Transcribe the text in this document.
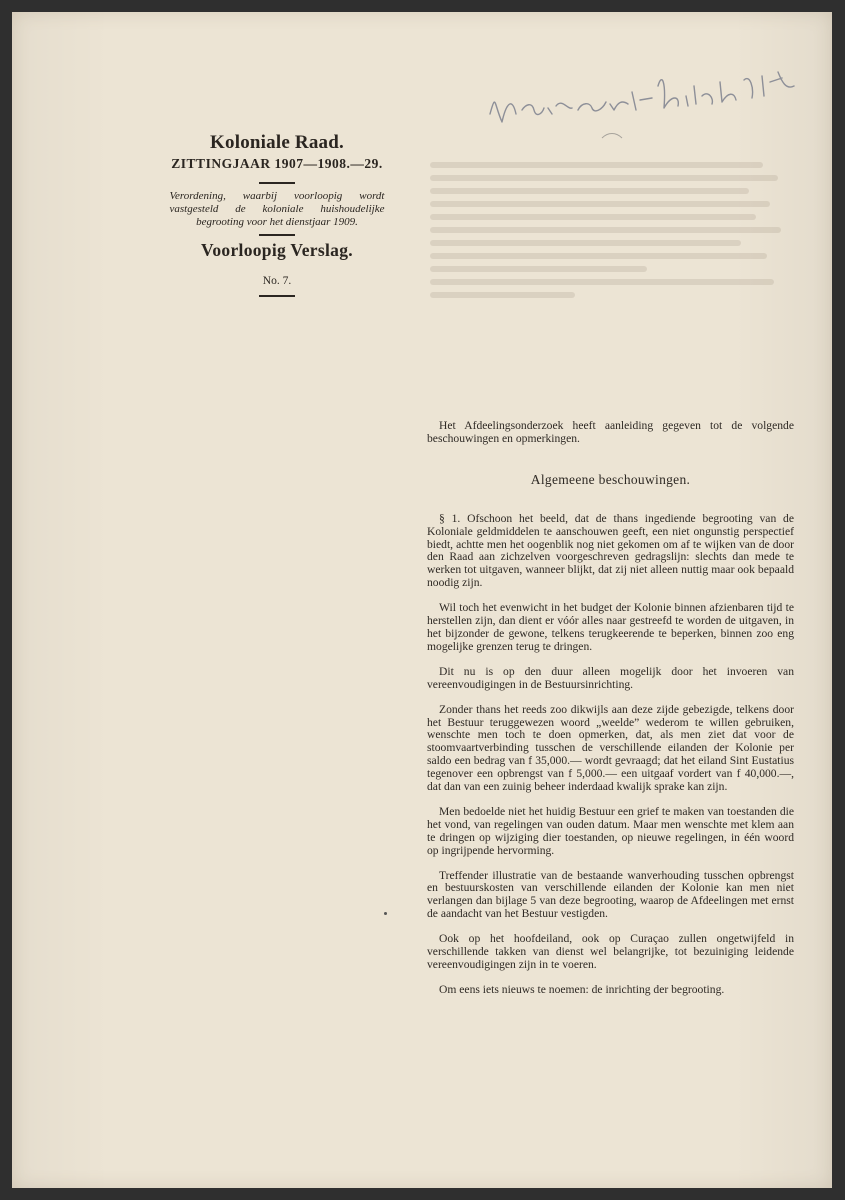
Koloniale Raad.
ZITTINGJAAR 1907—1908.—29.
Verordening, waarbij voorloopig wordt vastgesteld de koloniale huishoudelijke begrooting voor het dienstjaar 1909.
Voorloopig Verslag.
No. 7.

Het Afdeelingsonderzoek heeft aanleiding gegeven tot de volgende beschouwingen en opmerkingen.

Algemeene beschouwingen.

§ 1. Ofschoon het beeld, dat de thans ingediende begrooting van de Koloniale geldmiddelen te aanschouwen geeft, een niet ongunstig perspectief biedt, achtte men het oogenblik nog niet gekomen om af te wijken van de door den Raad aan zichzelven voorgeschreven gedragslijn: slechts dan mede te werken tot uitgaven, wanneer blijkt, dat zij niet alleen nuttig maar ook bepaald noodig zijn.

Wil toch het evenwicht in het budget der Kolonie binnen afzienbaren tijd te herstellen zijn, dan dient er vóór alles naar gestreefd te worden de uitgaven, in het bijzonder de gewone, telkens terugkeerende te beperken, binnen zoo eng mogelijke grenzen terug te dringen.

Dit nu is op den duur alleen mogelijk door het invoeren van vereenvoudigingen in de Bestuursinrichting.

Zonder thans het reeds zoo dikwijls aan deze zijde gebezigde, telkens door het Bestuur teruggewezen woord „weelde” wederom te willen gebruiken, wenschte men toch te doen opmerken, dat, als men ziet dat voor de stoomvaartverbinding tusschen de verschillende eilanden der Kolonie per saldo een bedrag van f 35,000.— wordt gevraagd; dat het eiland Sint Eustatius tegenover een opbrengst van f 5,000.— een uitgaaf vordert van f 40,000.—, dat dan van een zuinig beheer inderdaad kwalijk sprake kan zijn.

Men bedoelde niet het huidig Bestuur een grief te maken van toestanden die het vond, van regelingen van ouden datum. Maar men wenschte met klem aan te dringen op wijziging dier toestanden, op nieuwe regelingen, in één woord op ingrijpende hervorming.

Treffender illustratie van de bestaande wanverhouding tusschen opbrengst en bestuurskosten van verschillende eilanden der Kolonie kan men niet verlangen dan bijlage 5 van deze begrooting, waarop de Afdeelingen met ernst de aandacht van het Bestuur vestigden.

Ook op het hoofdeiland, ook op Curaçao zullen ongetwijfeld in verschillende takken van dienst wel belangrijke, tot bezuiniging leidende vereenvoudigingen zijn in te voeren.

Om eens iets nieuws te noemen: de inrichting der begrooting.
